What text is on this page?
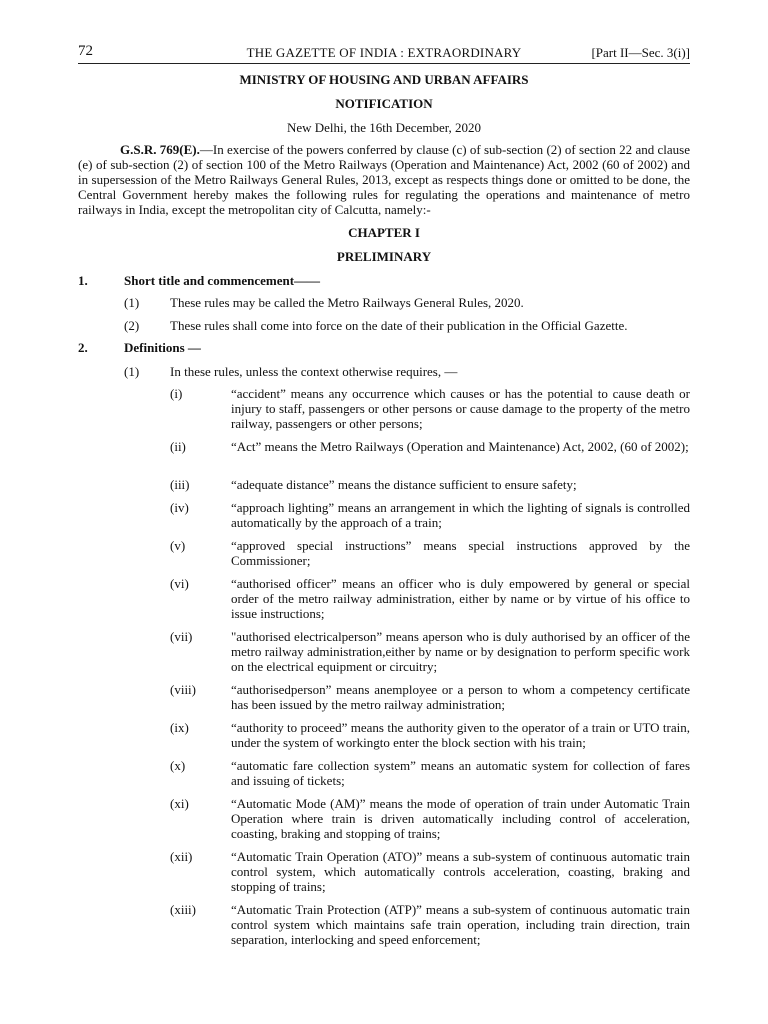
72	THE GAZETTE OF INDIA : EXTRAORDINARY	[Part II—Sec. 3(i)]
MINISTRY OF HOUSING AND URBAN AFFAIRS
NOTIFICATION
New Delhi, the 16th December, 2020
G.S.R. 769(E).—In exercise of the powers conferred by clause (c) of sub-section (2) of section 22 and clause (e) of sub-section (2) of section 100 of the Metro Railways (Operation and Maintenance) Act, 2002 (60 of 2002) and in supersession of the Metro Railways General Rules, 2013, except as respects things done or omitted to be done, the Central Government hereby makes the following rules for regulating the operations and maintenance of metro railways in India, except the metropolitan city of Calcutta, namely:-
CHAPTER I
PRELIMINARY
1.	Short title and commencement——
(1) These rules may be called the Metro Railways General Rules, 2020.
(2) These rules shall come into force on the date of their publication in the Official Gazette.
2.	Definitions —
(1) In these rules, unless the context otherwise requires, —
(i)	“accident” means any occurrence which causes or has the potential to cause death or injury to staff, passengers or other persons or cause damage to the property of the metro railway, passengers or other persons;
(ii)	“Act” means the Metro Railways (Operation and Maintenance) Act, 2002, (60 of 2002);
(iii)	“adequate distance” means the distance sufficient to ensure safety;
(iv)	“approach lighting” means an arrangement in which the lighting of signals is controlled automatically by the approach of a train;
(v)	“approved special instructions” means special instructions approved by the Commissioner;
(vi)	“authorised officer” means an officer who is duly empowered by general or special order of the metro railway administration, either by name or by virtue of his office to issue instructions;
(vii)	"authorised electricalperson” means aperson who is duly authorised by an officer of the metro railway administration,either by name or by designation to perform specific work on the electrical equipment or circuitry;
(viii)	“authorisedperson” means anemployee or a person to whom a competency certificate has been issued by the metro railway administration;
(ix)	“authority to proceed” means the authority given to the operator of a train or UTO train, under the system of workingto enter the block section with his train;
(x)	“automatic fare collection system” means an automatic system for collection of fares and issuing of tickets;
(xi)	“Automatic Mode (AM)” means the mode of operation of train under Automatic Train Operation where train is driven automatically including control of acceleration, coasting, braking and stopping of trains;
(xii)	“Automatic Train Operation (ATO)” means a sub-system of continuous automatic train control system, which automatically controls acceleration, coasting, braking and stopping of trains;
(xiii)	“Automatic Train Protection (ATP)” means a sub-system of continuous automatic train control system which maintains safe train operation, including train direction, train separation, interlocking and speed enforcement;
